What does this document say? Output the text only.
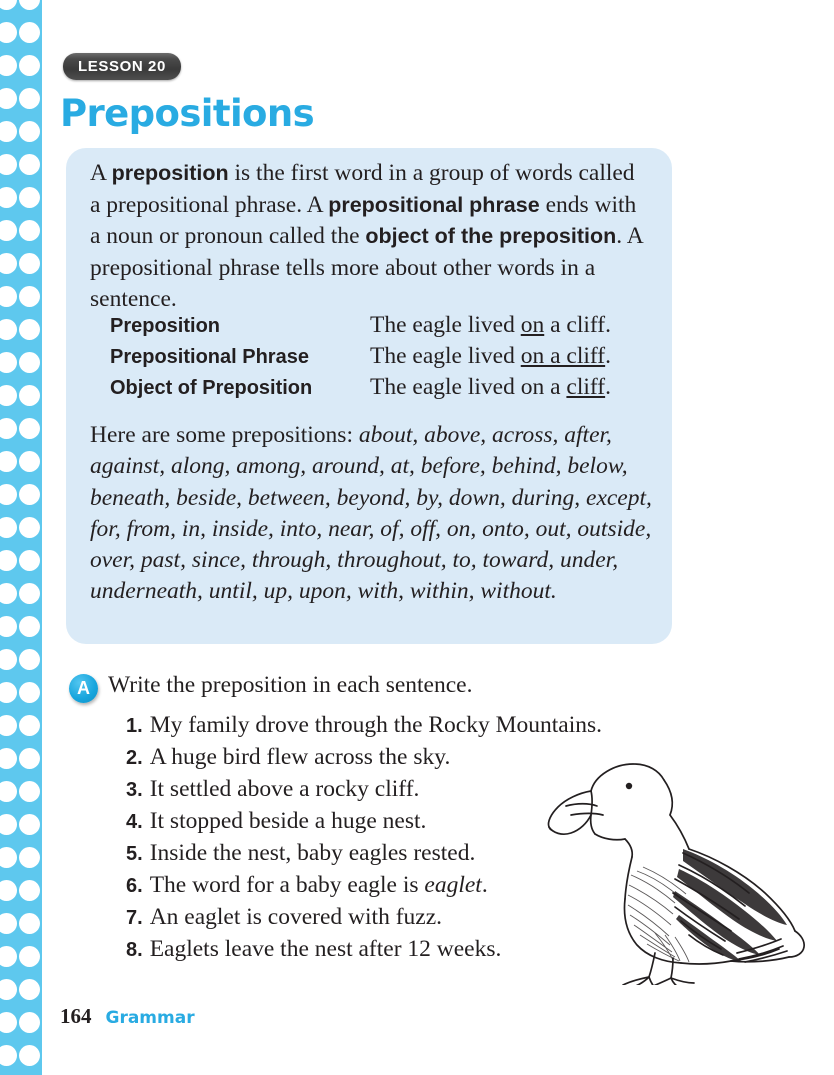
LESSON 20
Prepositions
A preposition is the first word in a group of words called a prepositional phrase. A prepositional phrase ends with a noun or pronoun called the object of the preposition. A prepositional phrase tells more about other words in a sentence.
Preposition	The eagle lived on a cliff.
Prepositional Phrase	The eagle lived on a cliff.
Object of Preposition	The eagle lived on a cliff.
Here are some prepositions: about, above, across, after, against, along, among, around, at, before, behind, below, beneath, beside, between, beyond, by, down, during, except, for, from, in, inside, into, near, of, off, on, onto, out, outside, over, past, since, through, throughout, to, toward, under, underneath, until, up, upon, with, within, without.
A Write the preposition in each sentence.
1. My family drove through the Rocky Mountains.
2. A huge bird flew across the sky.
3. It settled above a rocky cliff.
4. It stopped beside a huge nest.
5. Inside the nest, baby eagles rested.
6. The word for a baby eagle is eaglet.
7. An eaglet is covered with fuzz.
8. Eaglets leave the nest after 12 weeks.
164 Grammar
